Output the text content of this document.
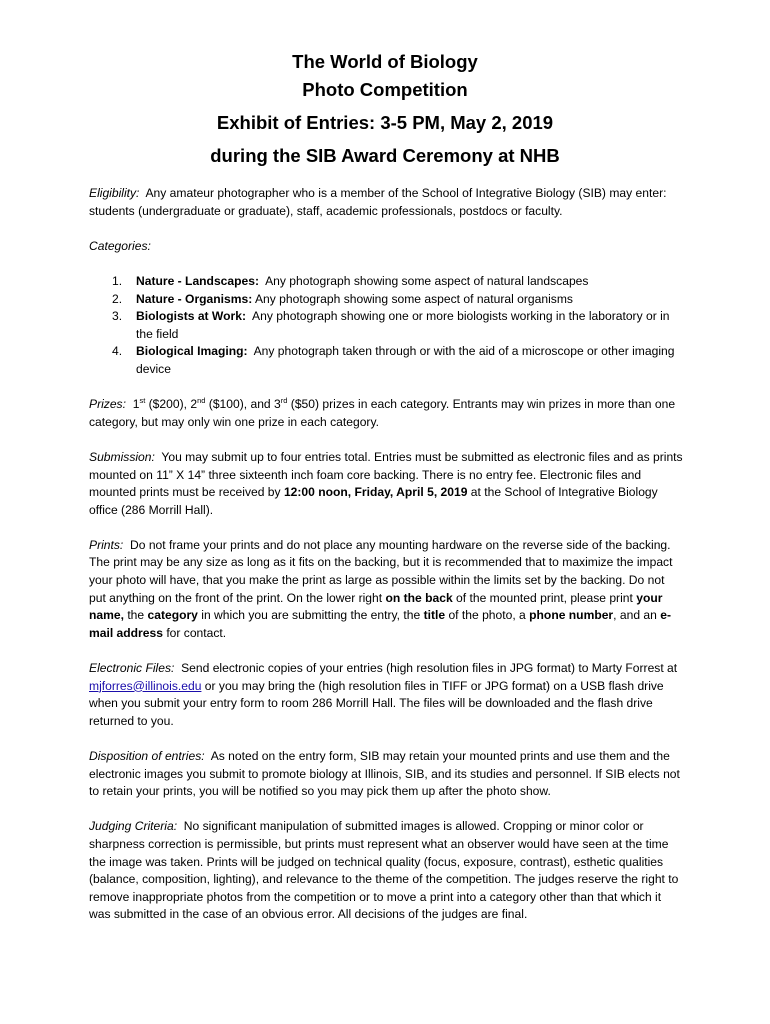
The World of Biology
Photo Competition
Exhibit of Entries: 3-5 PM, May 2, 2019
during the SIB Award Ceremony at NHB

Eligibility: Any amateur photographer who is a member of the School of Integrative Biology (SIB) may enter: students (undergraduate or graduate), staff, academic professionals, postdocs or faculty.

Categories:

1. Nature - Landscapes: Any photograph showing some aspect of natural landscapes
2. Nature - Organisms: Any photograph showing some aspect of natural organisms
3. Biologists at Work: Any photograph showing one or more biologists working in the laboratory or in the field
4. Biological Imaging: Any photograph taken through or with the aid of a microscope or other imaging device

Prizes: 1st ($200), 2nd ($100), and 3rd ($50) prizes in each category. Entrants may win prizes in more than one category, but may only win one prize in each category.

Submission: You may submit up to four entries total. Entries must be submitted as electronic files and as prints mounted on 11” X 14” three sixteenth inch foam core backing. There is no entry fee. Electronic files and mounted prints must be received by 12:00 noon, Friday, April 5, 2019 at the School of Integrative Biology office (286 Morrill Hall).

Prints: Do not frame your prints and do not place any mounting hardware on the reverse side of the backing. The print may be any size as long as it fits on the backing, but it is recommended that to maximize the impact your photo will have, that you make the print as large as possible within the limits set by the backing. Do not put anything on the front of the print. On the lower right on the back of the mounted print, please print your name, the category in which you are submitting the entry, the title of the photo, a phone number, and an e-mail address for contact.

Electronic Files: Send electronic copies of your entries (high resolution files in JPG format) to Marty Forrest at mjforres@illinois.edu or you may bring the (high resolution files in TIFF or JPG format) on a USB flash drive when you submit your entry form to room 286 Morrill Hall. The files will be downloaded and the flash drive returned to you.

Disposition of entries: As noted on the entry form, SIB may retain your mounted prints and use them and the electronic images you submit to promote biology at Illinois, SIB, and its studies and personnel. If SIB elects not to retain your prints, you will be notified so you may pick them up after the photo show.

Judging Criteria: No significant manipulation of submitted images is allowed. Cropping or minor color or sharpness correction is permissible, but prints must represent what an observer would have seen at the time the image was taken. Prints will be judged on technical quality (focus, exposure, contrast), esthetic qualities (balance, composition, lighting), and relevance to the theme of the competition. The judges reserve the right to remove inappropriate photos from the competition or to move a print into a category other than that which it was submitted in the case of an obvious error. All decisions of the judges are final.
